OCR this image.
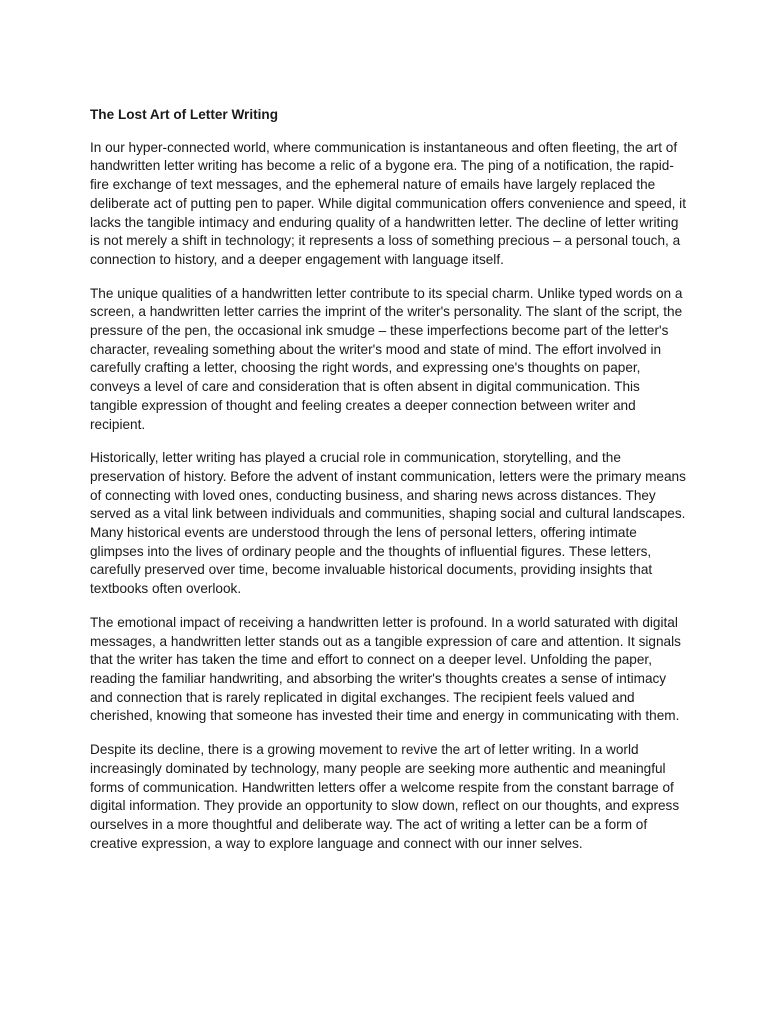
The Lost Art of Letter Writing

In our hyper-connected world, where communication is instantaneous and often fleeting, the art of handwritten letter writing has become a relic of a bygone era. The ping of a notification, the rapid-fire exchange of text messages, and the ephemeral nature of emails have largely replaced the deliberate act of putting pen to paper. While digital communication offers convenience and speed, it lacks the tangible intimacy and enduring quality of a handwritten letter. The decline of letter writing is not merely a shift in technology; it represents a loss of something precious – a personal touch, a connection to history, and a deeper engagement with language itself.

The unique qualities of a handwritten letter contribute to its special charm. Unlike typed words on a screen, a handwritten letter carries the imprint of the writer's personality. The slant of the script, the pressure of the pen, the occasional ink smudge – these imperfections become part of the letter's character, revealing something about the writer's mood and state of mind. The effort involved in carefully crafting a letter, choosing the right words, and expressing one's thoughts on paper, conveys a level of care and consideration that is often absent in digital communication. This tangible expression of thought and feeling creates a deeper connection between writer and recipient.

Historically, letter writing has played a crucial role in communication, storytelling, and the preservation of history. Before the advent of instant communication, letters were the primary means of connecting with loved ones, conducting business, and sharing news across distances. They served as a vital link between individuals and communities, shaping social and cultural landscapes. Many historical events are understood through the lens of personal letters, offering intimate glimpses into the lives of ordinary people and the thoughts of influential figures. These letters, carefully preserved over time, become invaluable historical documents, providing insights that textbooks often overlook.

The emotional impact of receiving a handwritten letter is profound. In a world saturated with digital messages, a handwritten letter stands out as a tangible expression of care and attention. It signals that the writer has taken the time and effort to connect on a deeper level. Unfolding the paper, reading the familiar handwriting, and absorbing the writer's thoughts creates a sense of intimacy and connection that is rarely replicated in digital exchanges. The recipient feels valued and cherished, knowing that someone has invested their time and energy in communicating with them.

Despite its decline, there is a growing movement to revive the art of letter writing. In a world increasingly dominated by technology, many people are seeking more authentic and meaningful forms of communication. Handwritten letters offer a welcome respite from the constant barrage of digital information. They provide an opportunity to slow down, reflect on our thoughts, and express ourselves in a more thoughtful and deliberate way. The act of writing a letter can be a form of creative expression, a way to explore language and connect with our inner selves.
